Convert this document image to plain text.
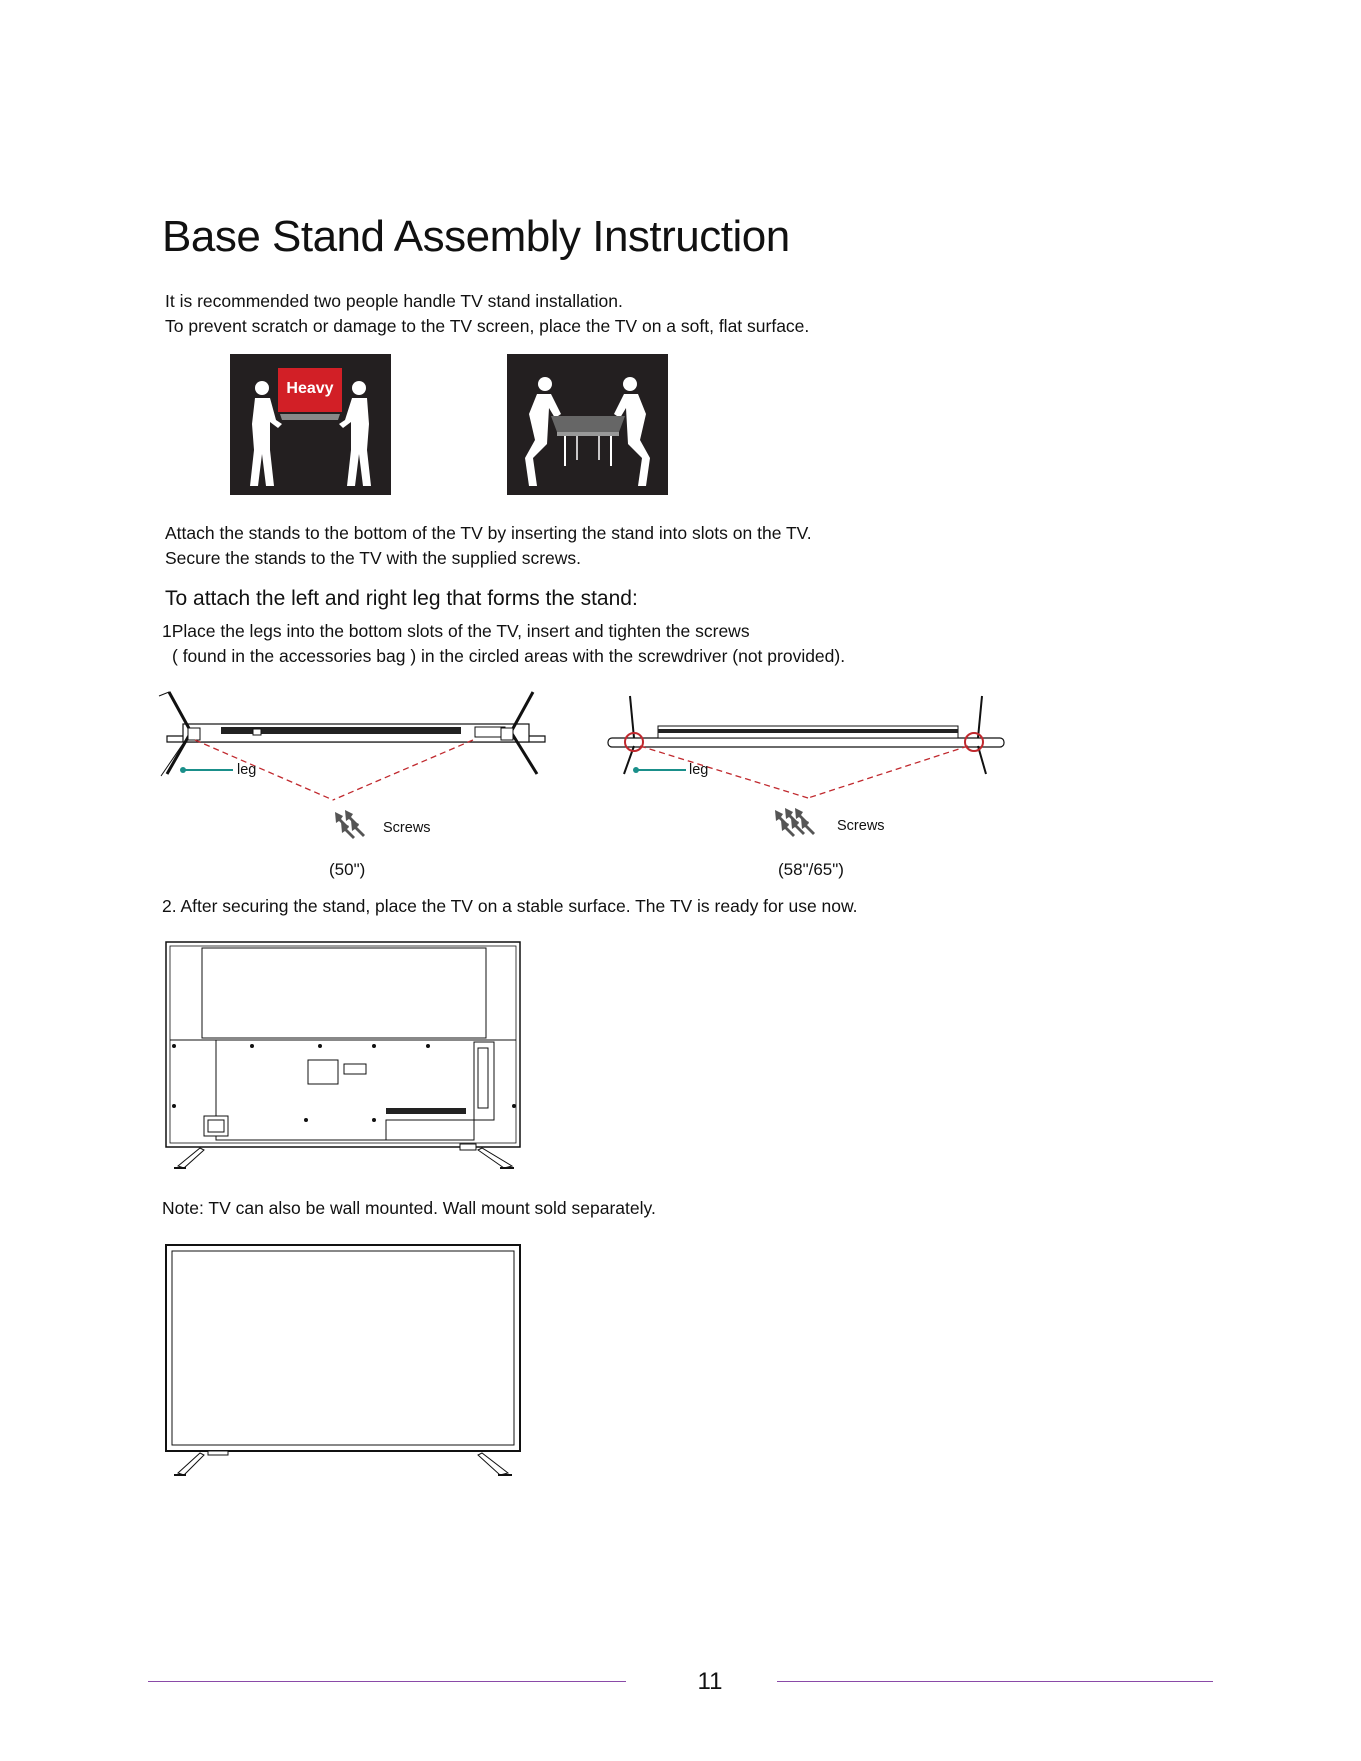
Base Stand Assembly Instruction
It is recommended two people handle TV stand installation.
To prevent scratch or damage to the TV screen, place the TV on a soft, flat surface.
Heavy
Attach the stands to the bottom of the TV by inserting the stand into slots on the TV.
Secure the stands to the TV with the supplied screws.
To attach the left and right leg that forms the stand:
1Place the legs into the bottom slots of the TV, insert and tighten the screws
( found in the accessories bag ) in the circled areas with the screwdriver (not provided).
leg
Screws
(50")
leg
Screws
(58"/65")
2. After securing the stand, place the TV on a stable surface. The TV is ready for use now.
Note: TV can also be wall mounted. Wall mount sold separately.
11
